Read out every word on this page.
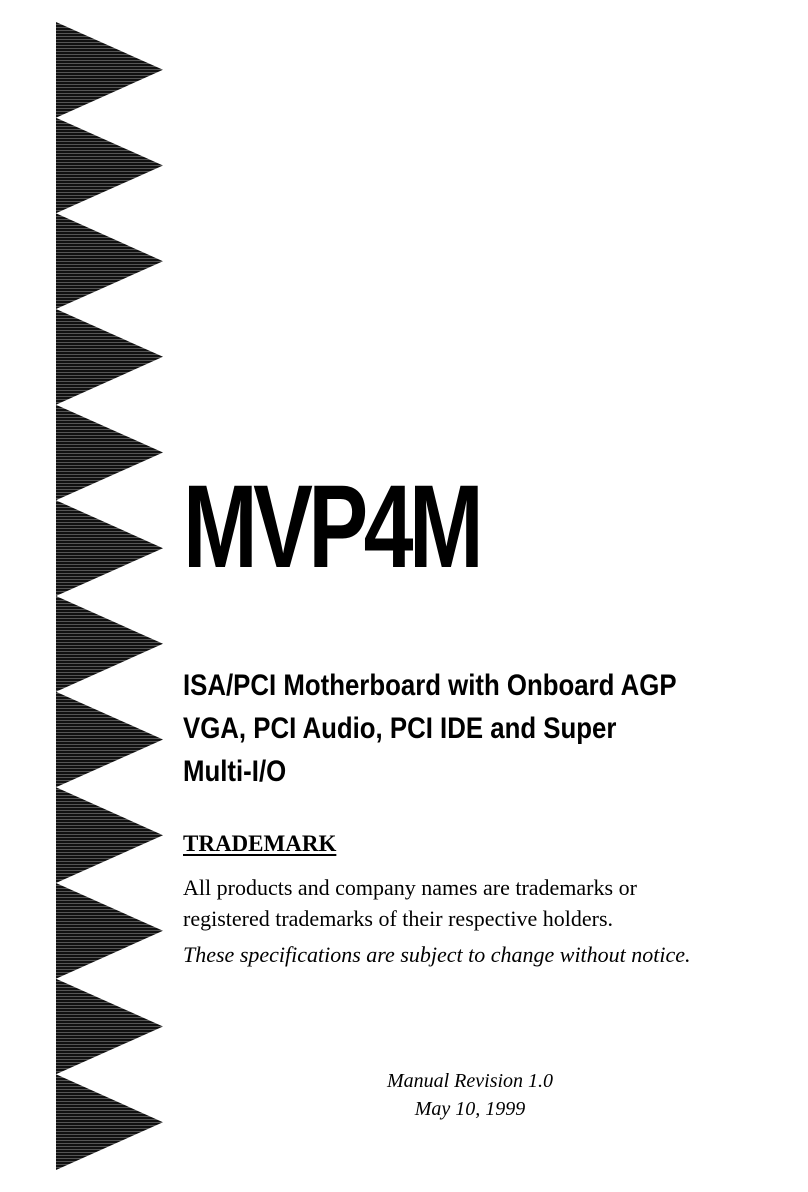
MVP4M
ISA/PCI Motherboard with Onboard AGP
VGA, PCI Audio, PCI IDE and Super
Multi-I/O
TRADEMARK

All products and company names are trademarks or
registered trademarks of their respective holders.

These specifications are subject to change without notice.

Manual Revision 1.0
May 10, 1999
